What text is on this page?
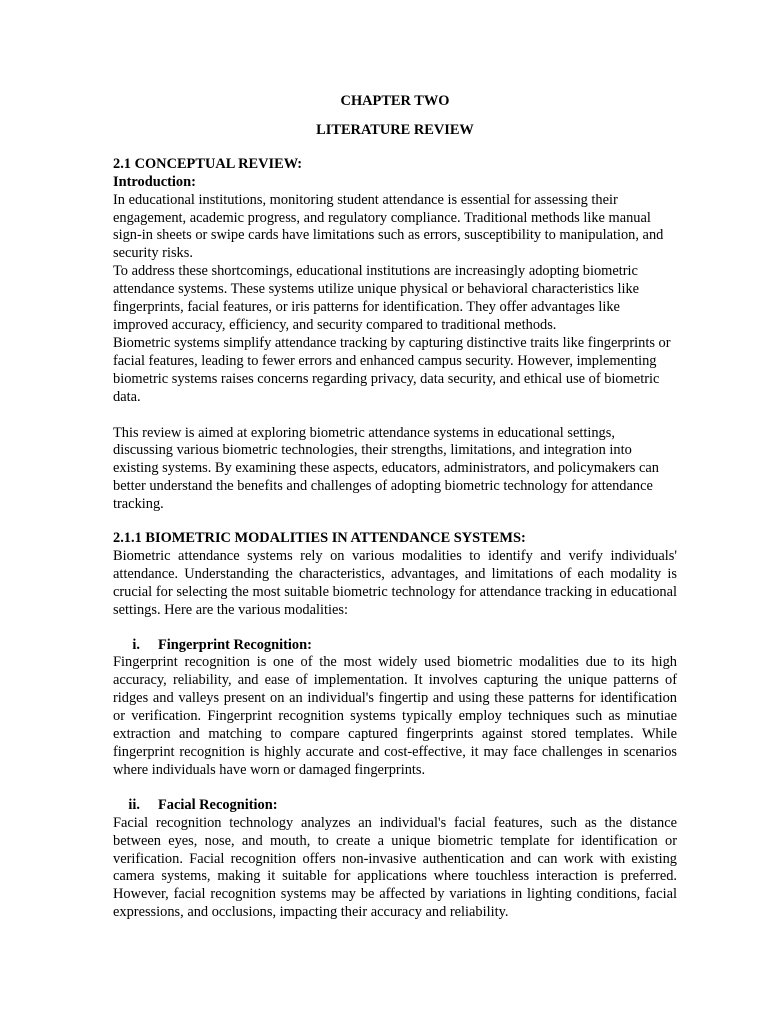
CHAPTER TWO
LITERATURE REVIEW
2.1 CONCEPTUAL REVIEW:
Introduction:

In educational institutions, monitoring student attendance is essential for assessing their engagement, academic progress, and regulatory compliance. Traditional methods like manual sign-in sheets or swipe cards have limitations such as errors, susceptibility to manipulation, and security risks.

To address these shortcomings, educational institutions are increasingly adopting biometric attendance systems. These systems utilize unique physical or behavioral characteristics like fingerprints, facial features, or iris patterns for identification. They offer advantages like improved accuracy, efficiency, and security compared to traditional methods.

Biometric systems simplify attendance tracking by capturing distinctive traits like fingerprints or facial features, leading to fewer errors and enhanced campus security. However, implementing biometric systems raises concerns regarding privacy, data security, and ethical use of biometric data.

This review is aimed at exploring biometric attendance systems in educational settings, discussing various biometric technologies, their strengths, limitations, and integration into existing systems. By examining these aspects, educators, administrators, and policymakers can better understand the benefits and challenges of adopting biometric technology for attendance tracking.

2.1.1 BIOMETRIC MODALITIES IN ATTENDANCE SYSTEMS:

Biometric attendance systems rely on various modalities to identify and verify individuals' attendance. Understanding the characteristics, advantages, and limitations of each modality is crucial for selecting the most suitable biometric technology for attendance tracking in educational settings. Here are the various modalities:

i.	Fingerprint Recognition:

Fingerprint recognition is one of the most widely used biometric modalities due to its high accuracy, reliability, and ease of implementation. It involves capturing the unique patterns of ridges and valleys present on an individual's fingertip and using these patterns for identification or verification. Fingerprint recognition systems typically employ techniques such as minutiae extraction and matching to compare captured fingerprints against stored templates. While fingerprint recognition is highly accurate and cost-effective, it may face challenges in scenarios where individuals have worn or damaged fingerprints.

ii.	Facial Recognition:

Facial recognition technology analyzes an individual's facial features, such as the distance between eyes, nose, and mouth, to create a unique biometric template for identification or verification. Facial recognition offers non-invasive authentication and can work with existing camera systems, making it suitable for applications where touchless interaction is preferred. However, facial recognition systems may be affected by variations in lighting conditions, facial expressions, and occlusions, impacting their accuracy and reliability.
